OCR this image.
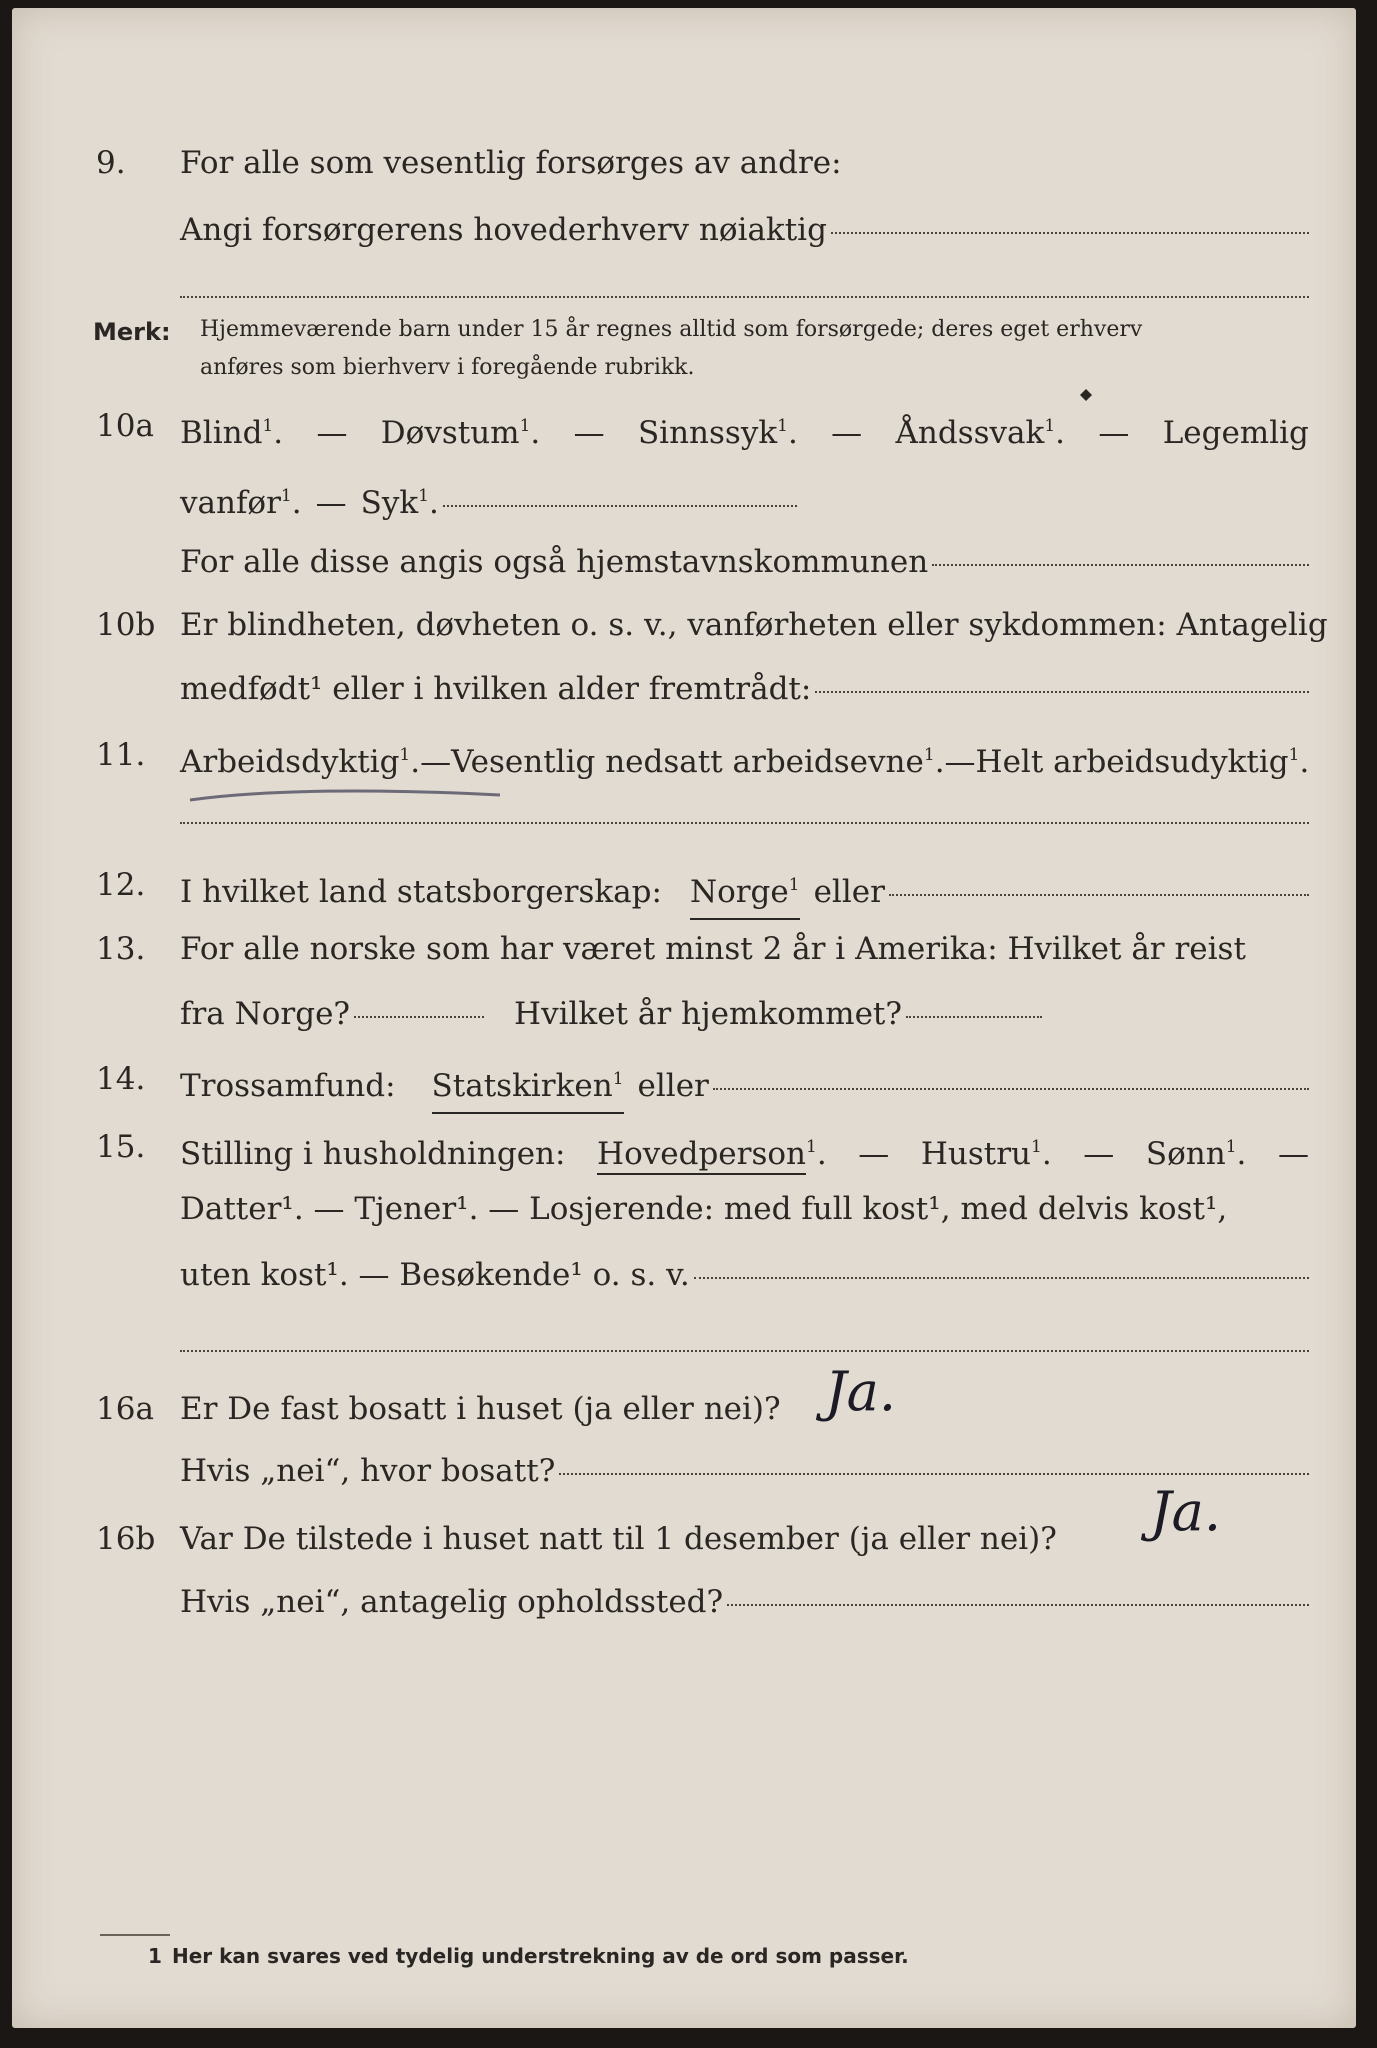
9. For alle som vesentlig forsørges av andre:
Angi forsørgerens hovederhverv nøiaktig
Merk: Hjemmeværende barn under 15 år regnes alltid som forsørgede; deres eget erhverv
anføres som bierhverv i foregående rubrikk.
10a Blind$^1$. — Døvstum$^1$. — Sinnssyk$^1$. — Åndssvak$^1$. — Legemlig
vanfør$^1$. — Syk$^1$.
For alle disse angis også hjemstavnskommunen
10b Er blindheten, døvheten o. s. v., vanførheten eller sykdommen: Antagelig
medfødt¹ eller i hvilken alder fremtrådt:
11. Arbeidsdyktig$^1$. — Vesentlig nedsatt arbeidsevne$^1$. — Helt arbeidsudyktig$^1$.
12. I hvilket land statsborgerskap: Norge$^1$ eller
13. For alle norske som har været minst 2 år i Amerika: Hvilket år reist
fra Norge?	Hvilket år hjemkommet?
14. Trossamfund: Statskirken$^1$ eller
15. Stilling i husholdningen: Hovedperson$^1$. — Hustru$^1$. — Sønn$^1$. —
Datter¹. — Tjener¹. — Losjerende: med full kost¹, med delvis kost¹,
uten kost¹. — Besøkende¹ o. s. v.
16a Er De fast bosatt i huset (ja eller nei)? Ja.
Hvis „nei“, hvor bosatt?
16b Var De tilstede i huset natt til 1 desember (ja eller nei)? Ja.
Hvis „nei“, antagelig opholdssted?
1 Her kan svares ved tydelig understrekning av de ord som passer.
